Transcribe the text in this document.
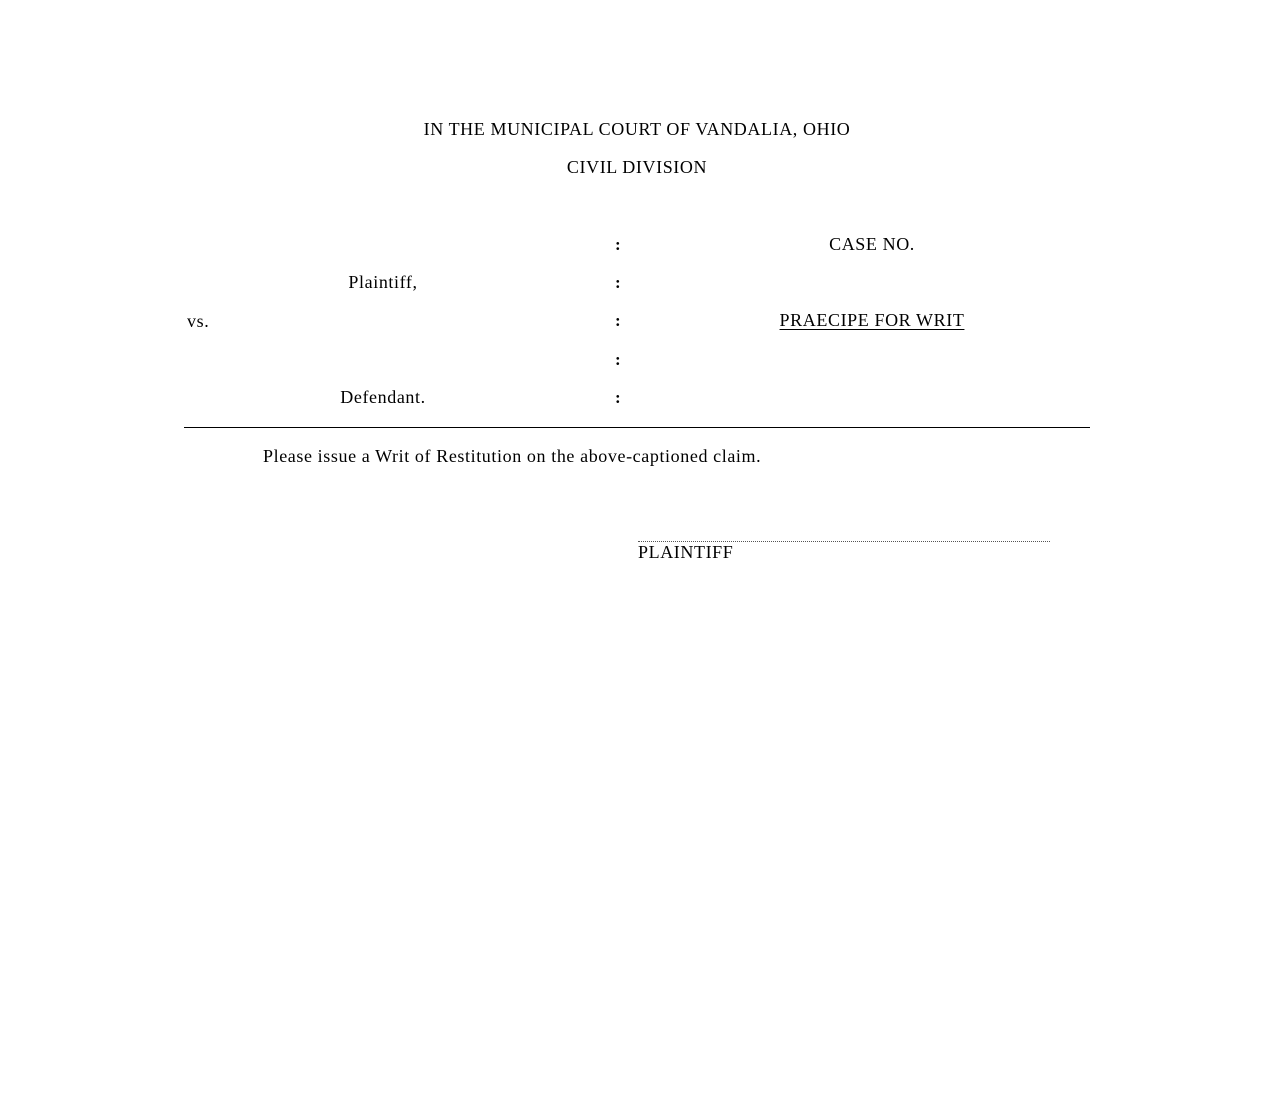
IN THE MUNICIPAL COURT OF VANDALIA, OHIO
CIVIL DIVISION
Plaintiff,
vs.
Defendant.
:
:
:
:
:
CASE NO.
PRAECIPE FOR WRIT
Please issue a Writ of Restitution on the above-captioned claim.
PLAINTIFF
